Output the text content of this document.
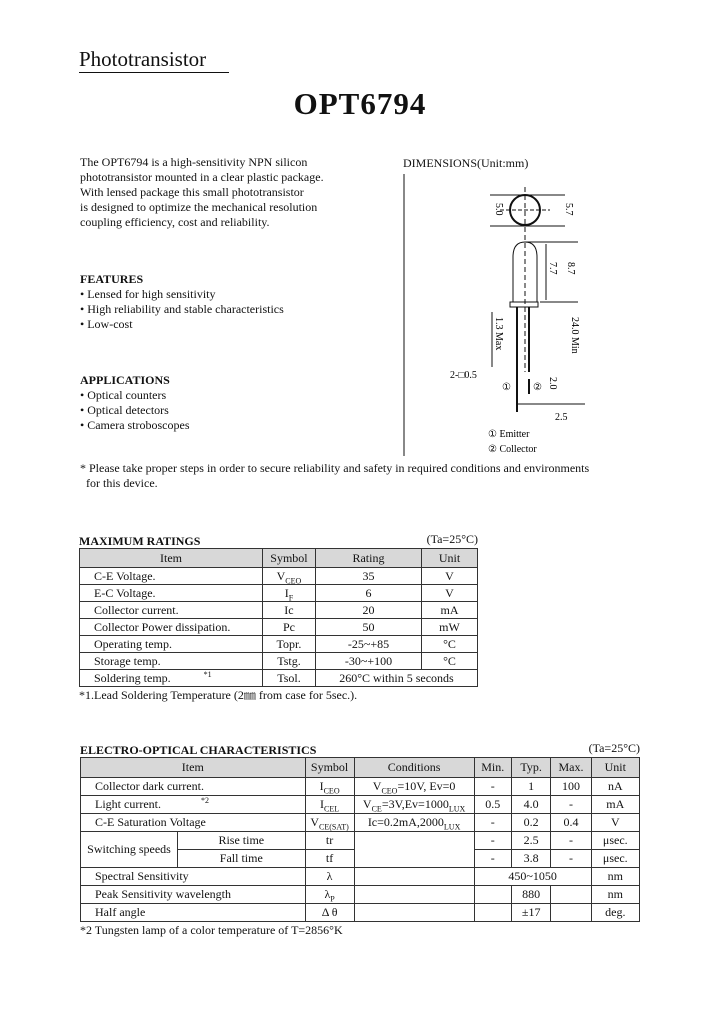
Phototransistor
OPT6794
The OPT6794 is a high-sensitivity NPN silicon
phototransistor mounted in a clear plastic package.
With lensed package this small phototransistor
is designed to optimize the mechanical resolution
coupling efficiency, cost and reliability.
FEATURES
• Lensed for high sensitivity
• High reliability and stable characteristics
• Low-cost
APPLICATIONS
• Optical counters
• Optical detectors
• Camera stroboscopes
* Please take proper steps in order to secure reliability and safety in required conditions and environments
for this device.
DIMENSIONS(Unit:mm)
5.0	5.7
7.7 8.7
1.3 Max	24.0 Min
2-□0.5
① ② 2.0
2.5
① Emitter
② Collector
MAXIMUM RATINGS	(Ta=25°C)
Item	Symbol	Rating	Unit
C-E Voltage.	$V_{CEO}$	35	V
E-C Voltage.	$I_F$	6	V
Collector current.	Ic	20	mA
Collector Power dissipation.	Pc	50	mW
Operating temp.	Topr.	-25~+85	°C
Storage temp.	Tstg.	-30~+100	°C
Soldering temp. $^{*1}$	Tsol.	260°C within 5 seconds	
*1.Lead Soldering Temperature (2㎜ from case for 5sec.).
ELECTRO-OPTICAL CHARACTERISTICS	(Ta=25°C)
Item		Symbol	Conditions	Min.	Typ.	Max.	Unit
Collector dark current.		$I_{CEO}$	$V_{CEO}=10V$, Ev=0	-	1	100	nA
Light current. $^{*2}$		$I_{CEL}$	$V_{CE}=3V,Ev=1000_{LUX}$	0.5	4.0	-	mA
C-E Saturation Voltage		$V_{CE(SAT)}$	$Ic=0.2mA,2000_{LUX}$	-	0.2	0.4	V
Switching speeds	Rise time	tr		-	2.5	-	μsec.
	Fall time	tf		-	3.8	-	μsec.
Spectral Sensitivity		λ		450~1050			nm
Peak Sensitivity wavelength		$\lambda_P$			880		nm
Half angle		Δ θ			±17		deg.
*2 Tungsten lamp of a color temperature of T=2856°K
